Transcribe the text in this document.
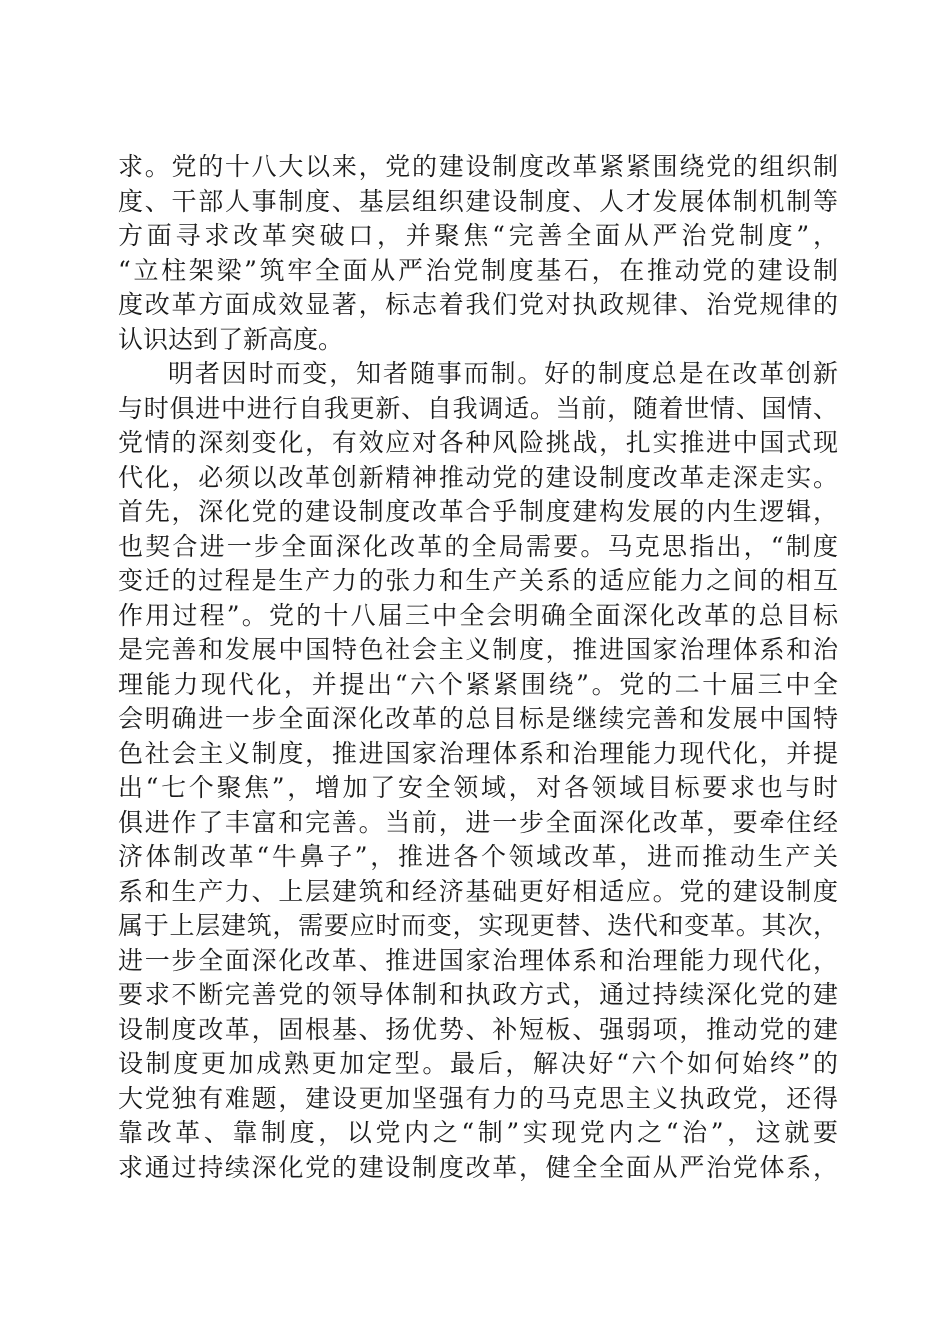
求。党的十八大以来，党的建设制度改革紧紧围绕党的组织制
度、干部人事制度、基层组织建设制度、人才发展体制机制等
方面寻求改革突破口，并聚焦“完善全面从严治党制度”，
“立柱架梁”筑牢全面从严治党制度基石，在推动党的建设制
度改革方面成效显著，标志着我们党对执政规律、治党规律的
认识达到了新高度。
明者因时而变，知者随事而制。好的制度总是在改革创新
与时俱进中进行自我更新、自我调适。当前，随着世情、国情、
党情的深刻变化，有效应对各种风险挑战，扎实推进中国式现
代化，必须以改革创新精神推动党的建设制度改革走深走实。
首先，深化党的建设制度改革合乎制度建构发展的内生逻辑，
也契合进一步全面深化改革的全局需要。马克思指出，“制度
变迁的过程是生产力的张力和生产关系的适应能力之间的相互
作用过程”。党的十八届三中全会明确全面深化改革的总目标
是完善和发展中国特色社会主义制度，推进国家治理体系和治
理能力现代化，并提出“六个紧紧围绕”。党的二十届三中全
会明确进一步全面深化改革的总目标是继续完善和发展中国特
色社会主义制度，推进国家治理体系和治理能力现代化，并提
出“七个聚焦”，增加了安全领域，对各领域目标要求也与时
俱进作了丰富和完善。当前，进一步全面深化改革，要牵住经
济体制改革“牛鼻子”，推进各个领域改革，进而推动生产关
系和生产力、上层建筑和经济基础更好相适应。党的建设制度
属于上层建筑，需要应时而变，实现更替、迭代和变革。其次，
进一步全面深化改革、推进国家治理体系和治理能力现代化，
要求不断完善党的领导体制和执政方式，通过持续深化党的建
设制度改革，固根基、扬优势、补短板、强弱项，推动党的建
设制度更加成熟更加定型。最后，解决好“六个如何始终”的
大党独有难题，建设更加坚强有力的马克思主义执政党，还得
靠改革、靠制度，以党内之“制”实现党内之“治”，这就要
求通过持续深化党的建设制度改革，健全全面从严治党体系，
